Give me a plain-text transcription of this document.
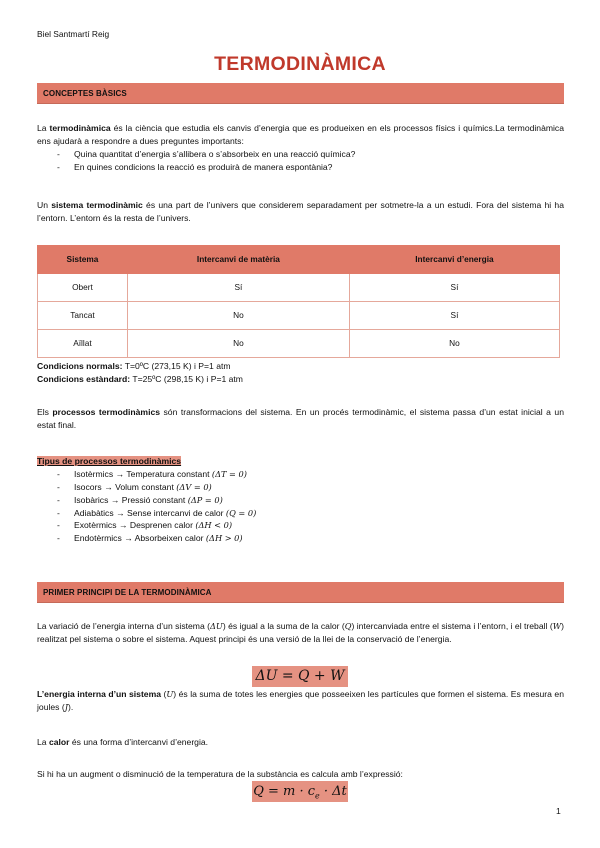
Biel Santmartí Reig
TERMODINÀMICA
CONCEPTES BÀSICS

La termodinàmica és la ciència que estudia els canvis d’energia que es produeixen en els processos físics i químics.La termodinàmica ens ajudarà a respondre a dues preguntes importants:

- Quina quantitat d’energia s’allibera o s’absorbeix en una reacció química?
- En quines condicions la reacció es produirà de manera espontània?

Un sistema termodinàmic és una part de l’univers que considerem separadament per sotmetre-la a un estudi. Fora del sistema hi ha l’entorn. L’entorn és la resta de l’univers.

Sistema	Intercanvi de matèria	Intercanvi d’energia
Obert	Sí	Sí
Tancat	No	Sí
Aïllat	No	No

Condicions normals: T=0ºC (273,15 K) i P=1 atm

Condicions estàndard: T=25ºC (298,15 K) i P=1 atm

Els processos termodinàmics són transformacions del sistema. En un procés termodinàmic, el sistema passa d’un estat inicial a un estat final.

Tipus de processos termodinàmics

- Isotèrmics → Temperatura constant (ΔT = 0)
- Isocors → Volum constant (ΔV = 0)
- Isobàrics → Pressió constant (ΔP = 0)
- Adiabàtics → Sense intercanvi de calor (Q = 0)
- Exotèrmics → Desprenen calor (ΔH < 0)
- Endotèrmics → Absorbeixen calor (ΔH > 0)
PRIMER PRINCIPI DE LA TERMODINÀMICA

La variació de l’energia interna d’un sistema (ΔU) és igual a la suma de la calor (Q) intercanviada entre el sistema i l’entorn, i el treball (W) realitzat pel sistema o sobre el sistema. Aquest principi és una versió de la llei de la conservació de l’energia.

ΔU = Q + W

L’energia interna d’un sistema (U) és la suma de totes les energies que posseeixen les partícules que formen el sistema. Es mesura en joules (J).

La calor és una forma d’intercanvi d’energia.

Si hi ha un augment o disminució de la temperatura de la substància es calcula amb l’expressió:

$Q = m \cdot c_e \cdot \Delta t$
1
